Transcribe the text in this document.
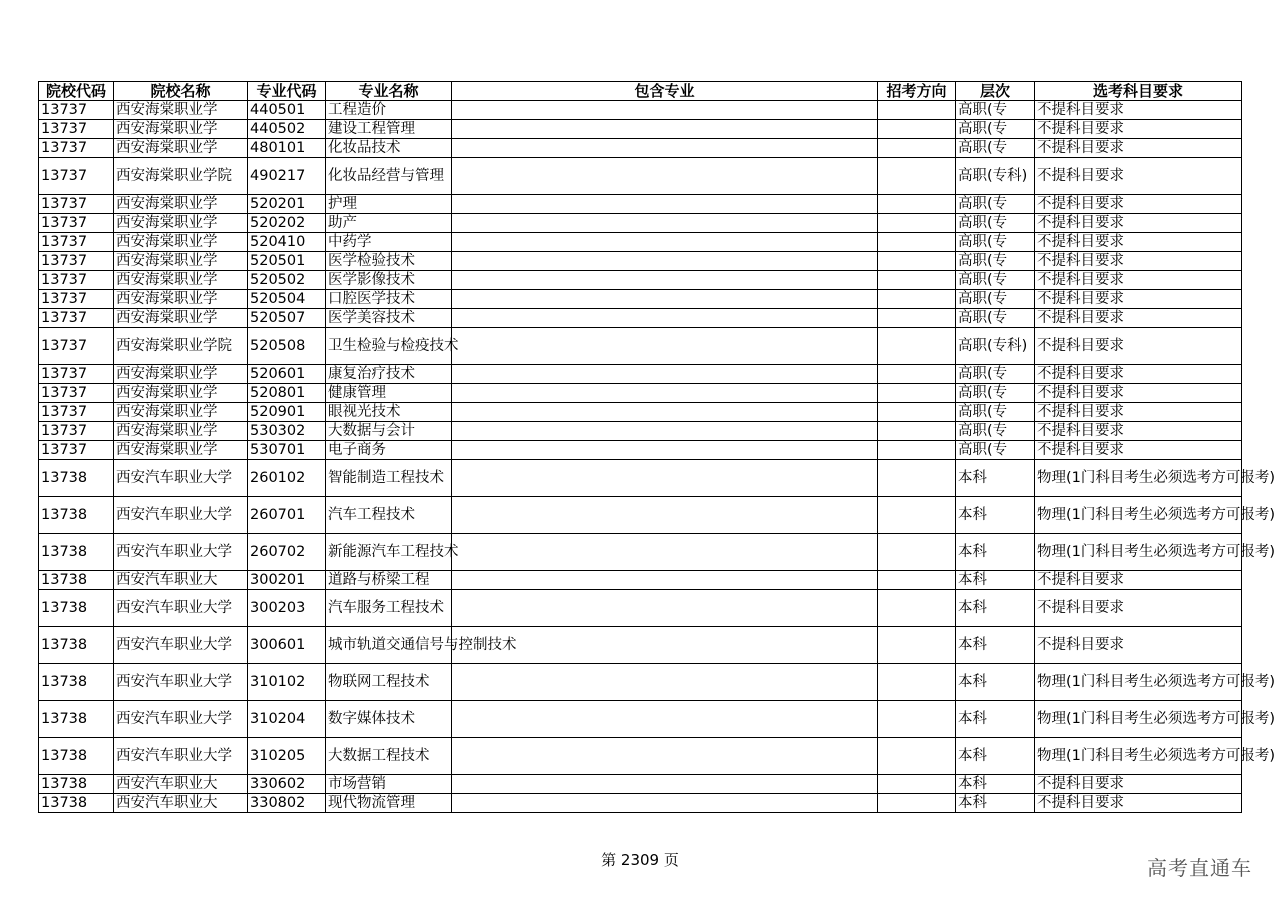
院校代码	院校名称	专业代码	专业名称	包含专业	招考方向	层次	选考科目要求
13737	西安海棠职业学	440501	工程造价			高职(专	不提科目要求
13737	西安海棠职业学	440502	建设工程管理			高职(专	不提科目要求
13737	西安海棠职业学	480101	化妆品技术			高职(专	不提科目要求
13737	西安海棠职业学院	490217	化妆品经营与管理			高职(专科)	不提科目要求
13737	西安海棠职业学	520201	护理			高职(专	不提科目要求
13737	西安海棠职业学	520202	助产			高职(专	不提科目要求
13737	西安海棠职业学	520410	中药学			高职(专	不提科目要求
13737	西安海棠职业学	520501	医学检验技术			高职(专	不提科目要求
13737	西安海棠职业学	520502	医学影像技术			高职(专	不提科目要求
13737	西安海棠职业学	520504	口腔医学技术			高职(专	不提科目要求
13737	西安海棠职业学	520507	医学美容技术			高职(专	不提科目要求
13737	西安海棠职业学院	520508	卫生检验与检疫技术			高职(专科)	不提科目要求
13737	西安海棠职业学	520601	康复治疗技术			高职(专	不提科目要求
13737	西安海棠职业学	520801	健康管理			高职(专	不提科目要求
13737	西安海棠职业学	520901	眼视光技术			高职(专	不提科目要求
13737	西安海棠职业学	530302	大数据与会计			高职(专	不提科目要求
13737	西安海棠职业学	530701	电子商务			高职(专	不提科目要求
13738	西安汽车职业大学	260102	智能制造工程技术			本科	物理(1门科目考生必须选考方可报考)
13738	西安汽车职业大学	260701	汽车工程技术			本科	物理(1门科目考生必须选考方可报考)
13738	西安汽车职业大学	260702	新能源汽车工程技术			本科	物理(1门科目考生必须选考方可报考)
13738	西安汽车职业大	300201	道路与桥梁工程			本科	不提科目要求
13738	西安汽车职业大学	300203	汽车服务工程技术			本科	不提科目要求
13738	西安汽车职业大学	300601	城市轨道交通信号与控制技术			本科	不提科目要求
13738	西安汽车职业大学	310102	物联网工程技术			本科	物理(1门科目考生必须选考方可报考)
13738	西安汽车职业大学	310204	数字媒体技术			本科	物理(1门科目考生必须选考方可报考)
13738	西安汽车职业大学	310205	大数据工程技术			本科	物理(1门科目考生必须选考方可报考)
13738	西安汽车职业大	330602	市场营销			本科	不提科目要求
13738	西安汽车职业大	330802	现代物流管理			本科	不提科目要求
第 2309 页	高考直通车
